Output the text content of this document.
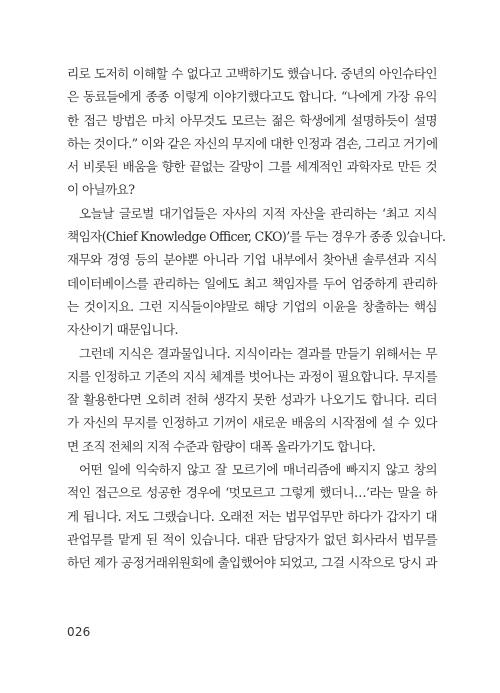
리로 도저히 이해할 수 없다고 고백하기도 했습니다. 중년의 아인슈타인
은 동료들에게 종종 이렇게 이야기했다고도 합니다. “나에게 가장 유익
한 접근 방법은 마치 아무것도 모르는 젊은 학생에게 설명하듯이 설명
하는 것이다.” 이와 같은 자신의 무지에 대한 인정과 겸손, 그리고 거기에
서 비롯된 배움을 향한 끝없는 갈망이 그를 세계적인 과학자로 만든 것
이 아닐까요?
오늘날 글로벌 대기업들은 자사의 지적 자산을 관리하는 ‘최고 지식
책임자(Chief Knowledge Officer, CKO)’를 두는 경우가 종종 있습니다.
재무와 경영 등의 분야뿐 아니라 기업 내부에서 찾아낸 솔루션과 지식
데이터베이스를 관리하는 일에도 최고 책임자를 두어 엄중하게 관리하
는 것이지요. 그런 지식들이야말로 해당 기업의 이윤을 창출하는 핵심
자산이기 때문입니다.
그런데 지식은 결과물입니다. 지식이라는 결과를 만들기 위해서는 무
지를 인정하고 기존의 지식 체계를 벗어나는 과정이 필요합니다. 무지를
잘 활용한다면 오히려 전혀 생각지 못한 성과가 나오기도 합니다. 리더
가 자신의 무지를 인정하고 기꺼이 새로운 배움의 시작점에 설 수 있다
면 조직 전체의 지적 수준과 함량이 대폭 올라가기도 합니다.
어떤 일에 익숙하지 않고 잘 모르기에 매너리즘에 빠지지 않고 창의
적인 접근으로 성공한 경우에 ‘멋모르고 그렇게 했더니…’라는 말을 하
게 됩니다. 저도 그랬습니다. 오래전 저는 법무업무만 하다가 갑자기 대
관업무를 맡게 된 적이 있습니다. 대관 담당자가 없던 회사라서 법무를
하던 제가 공정거래위원회에 출입했어야 되었고, 그걸 시작으로 당시 과
026
